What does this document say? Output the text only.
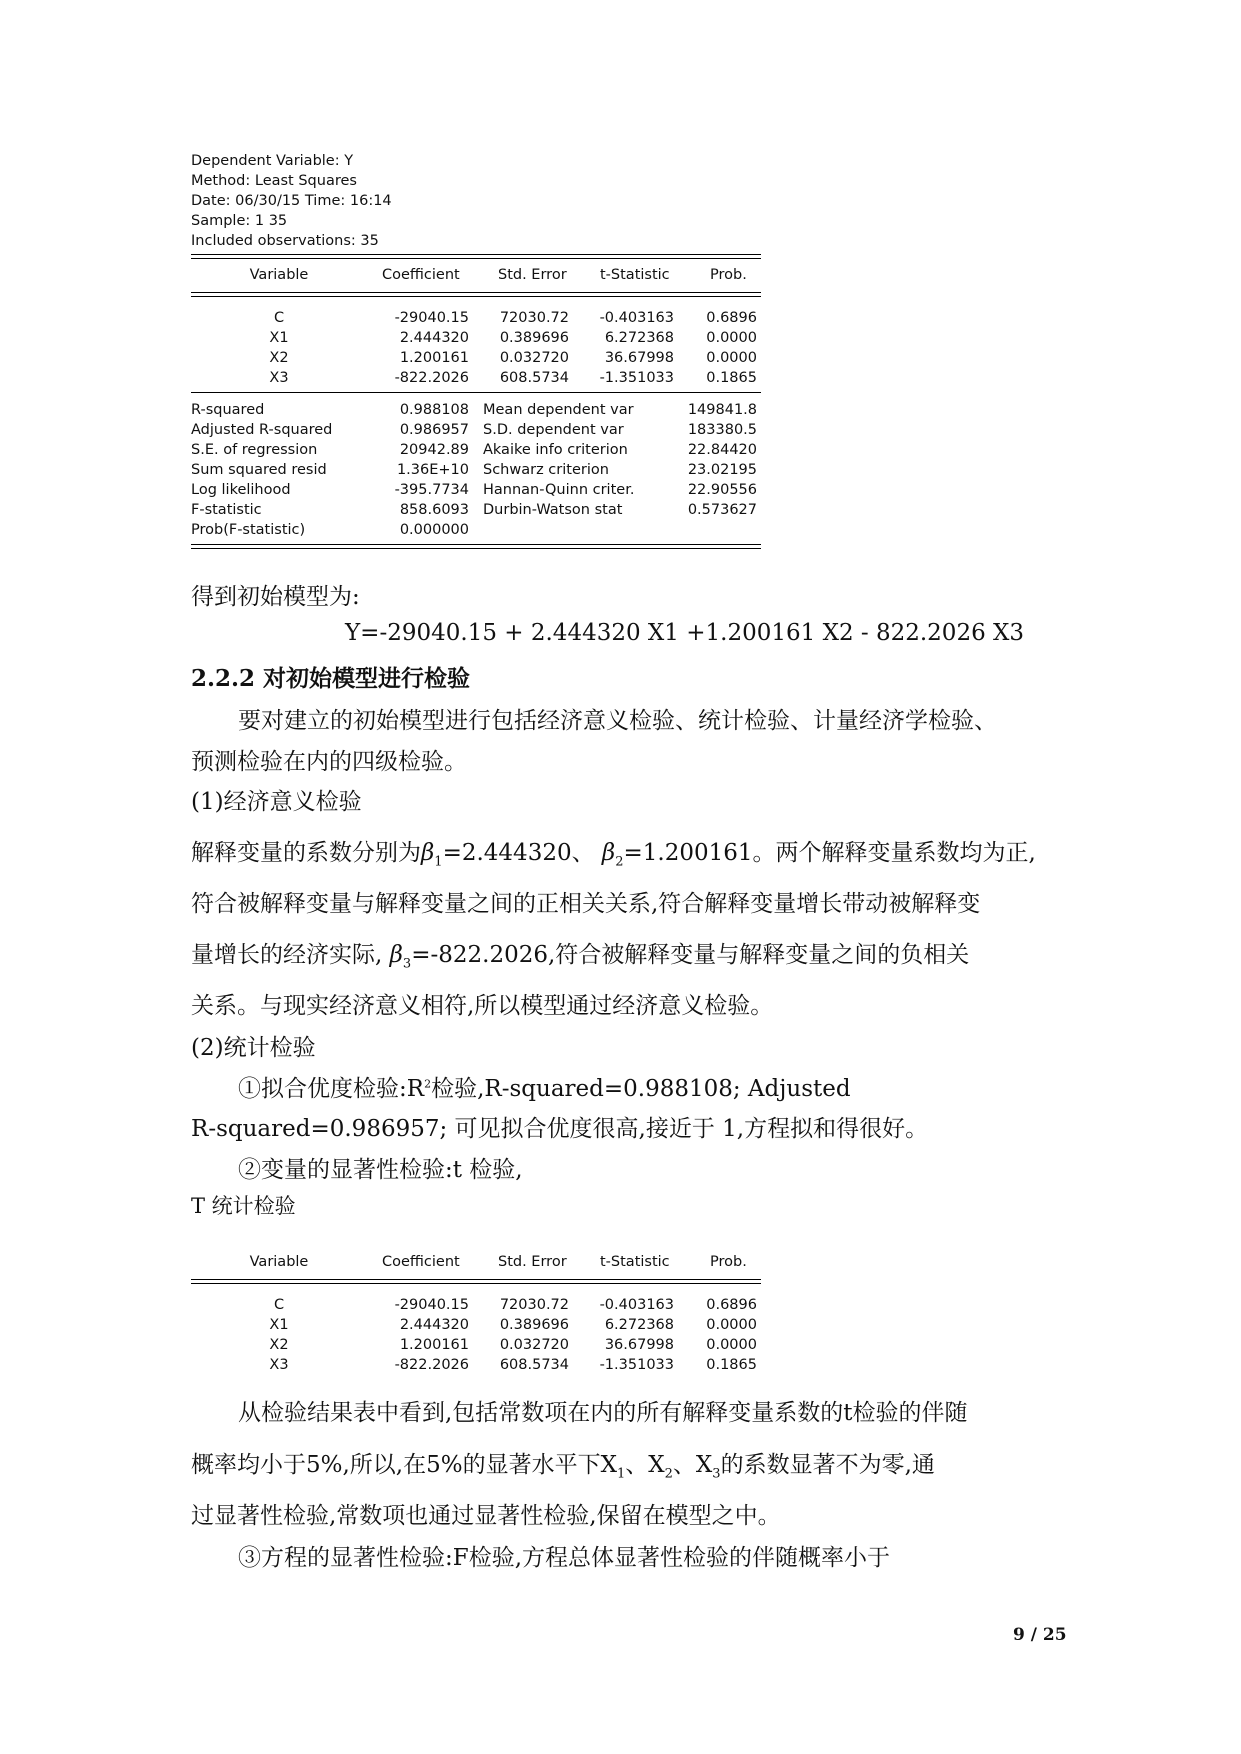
Dependent Variable: Y
Method: Least Squares
Date: 06/30/15 Time: 16:14
Sample: 1 35
Included observations: 35
Variable	Coefficient	Std. Error t-Statistic	Prob.
C	-29040.15 72030.72 -0.403163 0.6896
X1	2.444320 0.389696 6.272368 0.0000
X2	1.200161 0.032720 36.67998 0.0000
X3	-822.2026 608.5734 -1.351033 0.1865
R-squared	0.988108 Mean dependent var	149841.8
Adjusted R-squared	0.986957 S.D. dependent var	183380.5
S.E. of regression	20942.89 Akaike info criterion	22.84420
Sum squared resid	1.36E+10 Schwarz criterion	23.02195
Log likelihood	-395.7734 Hannan-Quinn criter.	22.90556
F-statistic	858.6093 Durbin-Watson stat	0.573627
Prob(F-statistic)	0.000000
得到初始模型为:
Y=-29040.15 + 2.444320 X1 +1.200161 X2 - 822.2026 X3
2.2.2 对初始模型进行检验
要对建立的初始模型进行包括经济意义检验、统计检验、计量经济学检验、
预测检验在内的四级检验。
(1)经济意义检验
解释变量的系数分别为$\beta_1=2.444320$、 $\beta_2=1.200161$。两个解释变量系数均为正,
符合被解释变量与解释变量之间的正相关关系,符合解释变量增长带动被解释变
量增长的经济实际, $\beta_3=-822.2026$,符合被解释变量与解释变量之间的负相关
关系。与现实经济意义相符,所以模型通过经济意义检验。
(2)统计检验
①拟合优度检验$:R^2$检验,R-squared=0.988108; Adjusted
R-squared=0.986957; 可见拟合优度很高,接近于 1,方程拟和得很好。
②变量的显著性检验:t 检验,
T 统计检验
Variable	Coefficient	Std. Error t-Statistic	Prob.
C	-29040.15 72030.72 -0.403163 0.6896
X1	2.444320 0.389696 6.272368 0.0000
X2	1.200161 0.032720 36.67998 0.0000
X3	-822.2026 608.5734 -1.351033 0.1865
从检验结果表中看到,包括常数项在内的所有解释变量系数的t检验的伴随
概率均小于5%,所以,在5%的显著水平下$X_1$、$X_2$、$X_3$的系数显著不为零,通
过显著性检验,常数项也通过显著性检验,保留在模型之中。
③方程的显著性检验:F检验,方程总体显著性检验的伴随概率小于
9 / 25
